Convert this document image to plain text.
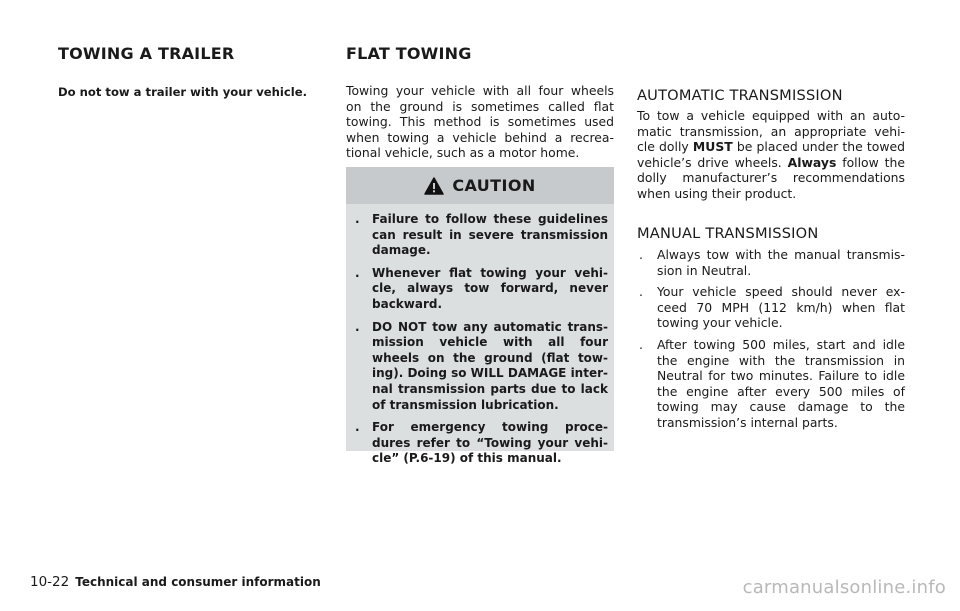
TOWING A TRAILER
Do not tow a trailer with your vehicle.
FLAT TOWING
Towing your vehicle with all four wheels
on the ground is sometimes called flat
towing. This method is sometimes used
when towing a vehicle behind a recrea-
tional vehicle, such as a motor home.
CAUTION
. Failure to follow these guidelines
can result in severe transmission
damage.
. Whenever flat towing your vehi-
cle, always tow forward, never
backward.
. DO NOT tow any automatic trans-
mission vehicle with all four
wheels on the ground (flat tow-
ing). Doing so WILL DAMAGE inter-
nal transmission parts due to lack
of transmission lubrication.
. For emergency towing proce-
dures refer to “Towing your vehi-
cle” (P.6-19) of this manual.
AUTOMATIC TRANSMISSION
To tow a vehicle equipped with an auto-
matic transmission, an appropriate vehi-
cle dolly MUST be placed under the towed
vehicle’s drive wheels. Always follow the
dolly manufacturer’s recommendations
when using their product.
MANUAL TRANSMISSION
. Always tow with the manual transmis-
sion in Neutral.
. Your vehicle speed should never ex-
ceed 70 MPH (112 km/h) when flat
towing your vehicle.
. After towing 500 miles, start and idle
the engine with the transmission in
Neutral for two minutes. Failure to idle
the engine after every 500 miles of
towing may cause damage to the
transmission’s internal parts.
10-22 Technical and consumer information	carmanualsonline.info
